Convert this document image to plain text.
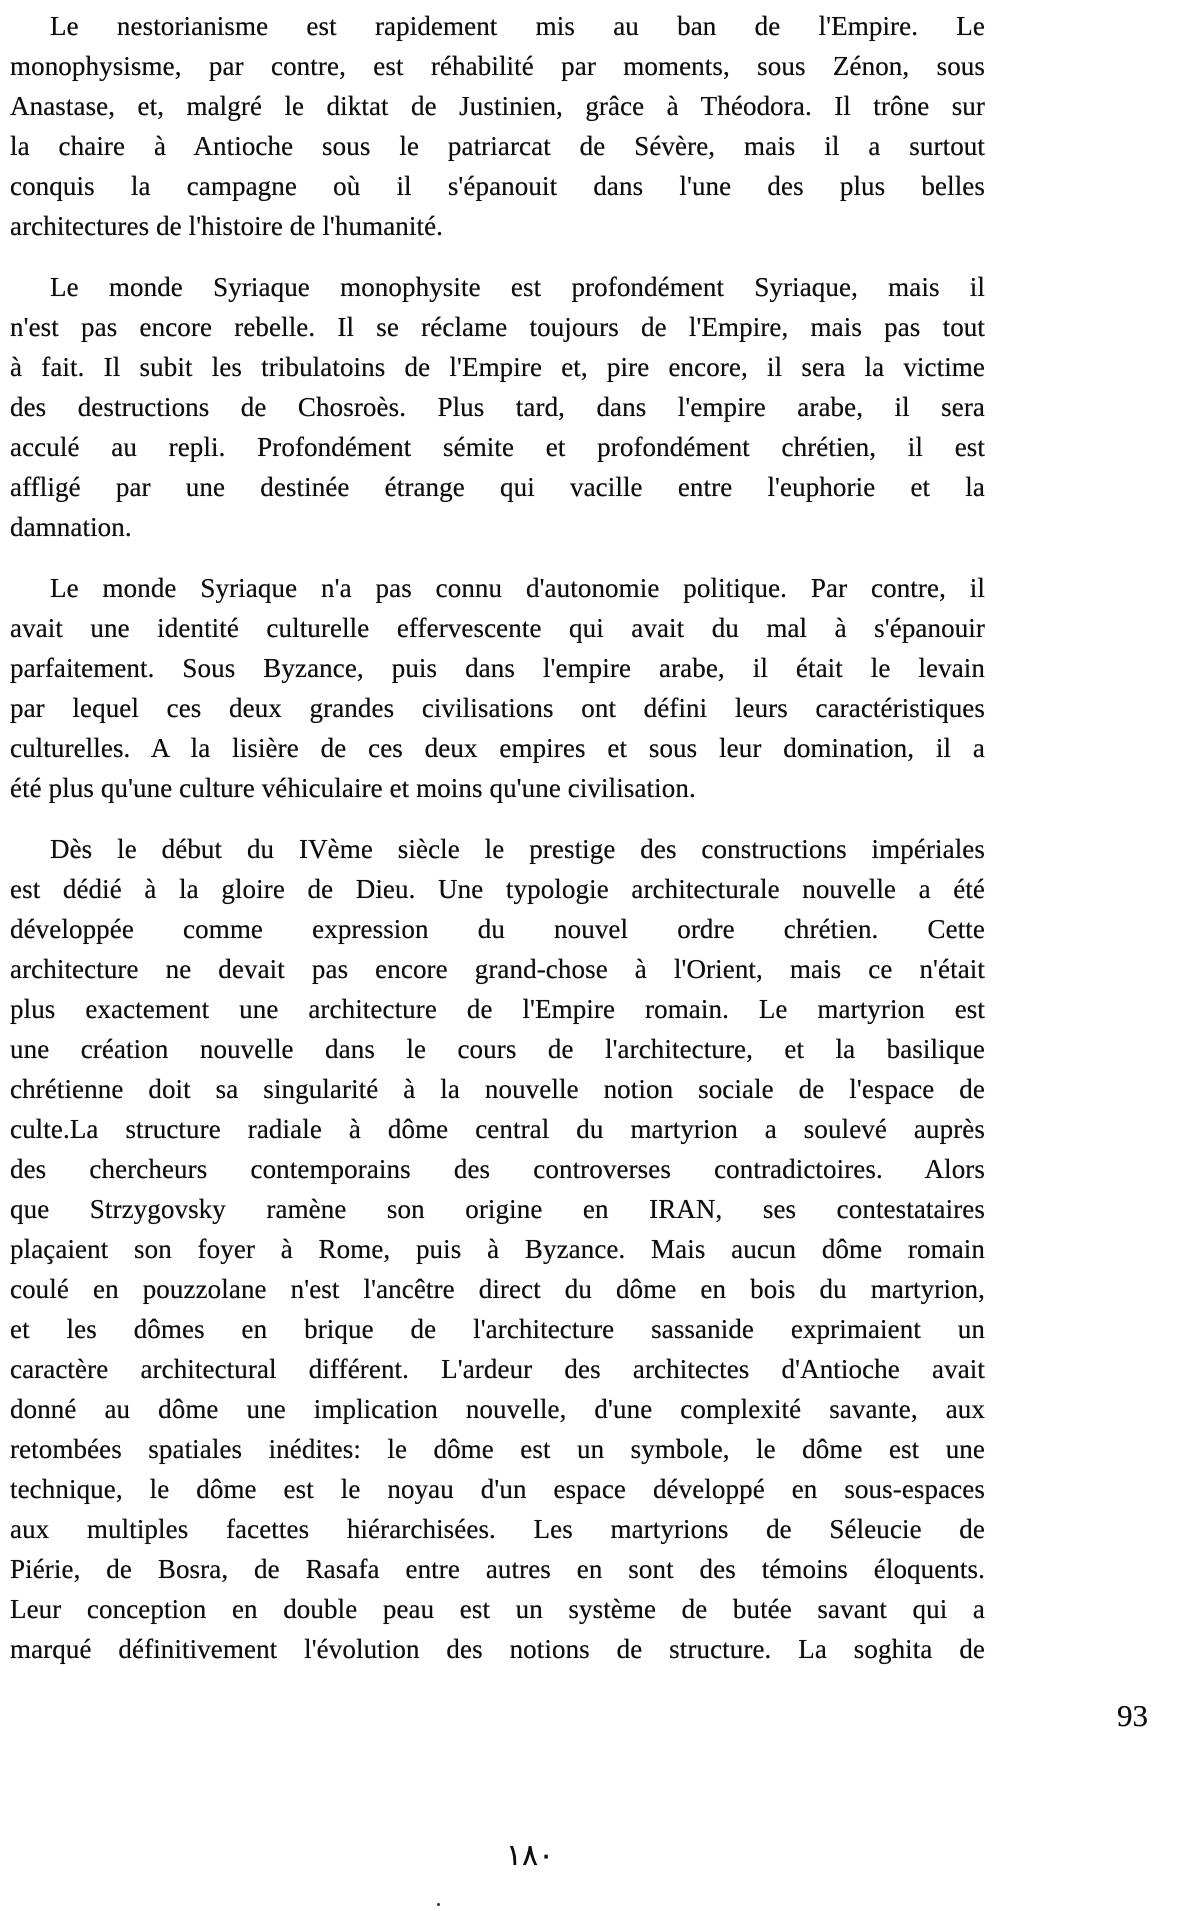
Le nestorianisme est rapidement mis au ban de l'Empire. Le
monophysisme, par contre, est réhabilité par moments, sous Zénon, sous
Anastase, et, malgré le diktat de Justinien, grâce à Théodora. Il trône sur
la chaire à Antioche sous le patriarcat de Sévère, mais il a surtout
conquis la campagne où il s'épanouit dans l'une des plus belles
architectures de l'histoire de l'humanité.
Le monde Syriaque monophysite est profondément Syriaque, mais il
n'est pas encore rebelle. Il se réclame toujours de l'Empire, mais pas tout
à fait. Il subit les tribulatoins de l'Empire et, pire encore, il sera la victime
des destructions de Chosroès. Plus tard, dans l'empire arabe, il sera
acculé au repli. Profondément sémite et profondément chrétien, il est
affligé par une destinée étrange qui vacille entre l'euphorie et la
damnation.
Le monde Syriaque n'a pas connu d'autonomie politique. Par contre, il
avait une identité culturelle effervescente qui avait du mal à s'épanouir
parfaitement. Sous Byzance, puis dans l'empire arabe, il était le levain
par lequel ces deux grandes civilisations ont défini leurs caractéristiques
culturelles. A la lisière de ces deux empires et sous leur domination, il a
été plus qu'une culture véhiculaire et moins qu'une civilisation.
Dès le début du IVème siècle le prestige des constructions impériales
est dédié à la gloire de Dieu. Une typologie architecturale nouvelle a été
développée comme expression du nouvel ordre chrétien. Cette
architecture ne devait pas encore grand-chose à l'Orient, mais ce n'était
plus exactement une architecture de l'Empire romain. Le martyrion est
une création nouvelle dans le cours de l'architecture, et la basilique
chrétienne doit sa singularité à la nouvelle notion sociale de l'espace de
culte.La structure radiale à dôme central du martyrion a soulevé auprès
des chercheurs contemporains des controverses contradictoires. Alors
que Strzygovsky ramène son origine en IRAN, ses contestataires
plaçaient son foyer à Rome, puis à Byzance. Mais aucun dôme romain
coulé en pouzzolane n'est l'ancêtre direct du dôme en bois du martyrion,
et les dômes en brique de l'architecture sassanide exprimaient un
caractère architectural différent. L'ardeur des architectes d'Antioche avait
donné au dôme une implication nouvelle, d'une complexité savante, aux
retombées spatiales inédites: le dôme est un symbole, le dôme est une
technique, le dôme est le noyau d'un espace développé en sous-espaces
aux multiples facettes hiérarchisées. Les martyrions de Séleucie de
Piérie, de Bosra, de Rasafa entre autres en sont des témoins éloquents.
Leur conception en double peau est un système de butée savant qui a
marqué définitivement l'évolution des notions de structure. La soghita de
93
١٨٠
